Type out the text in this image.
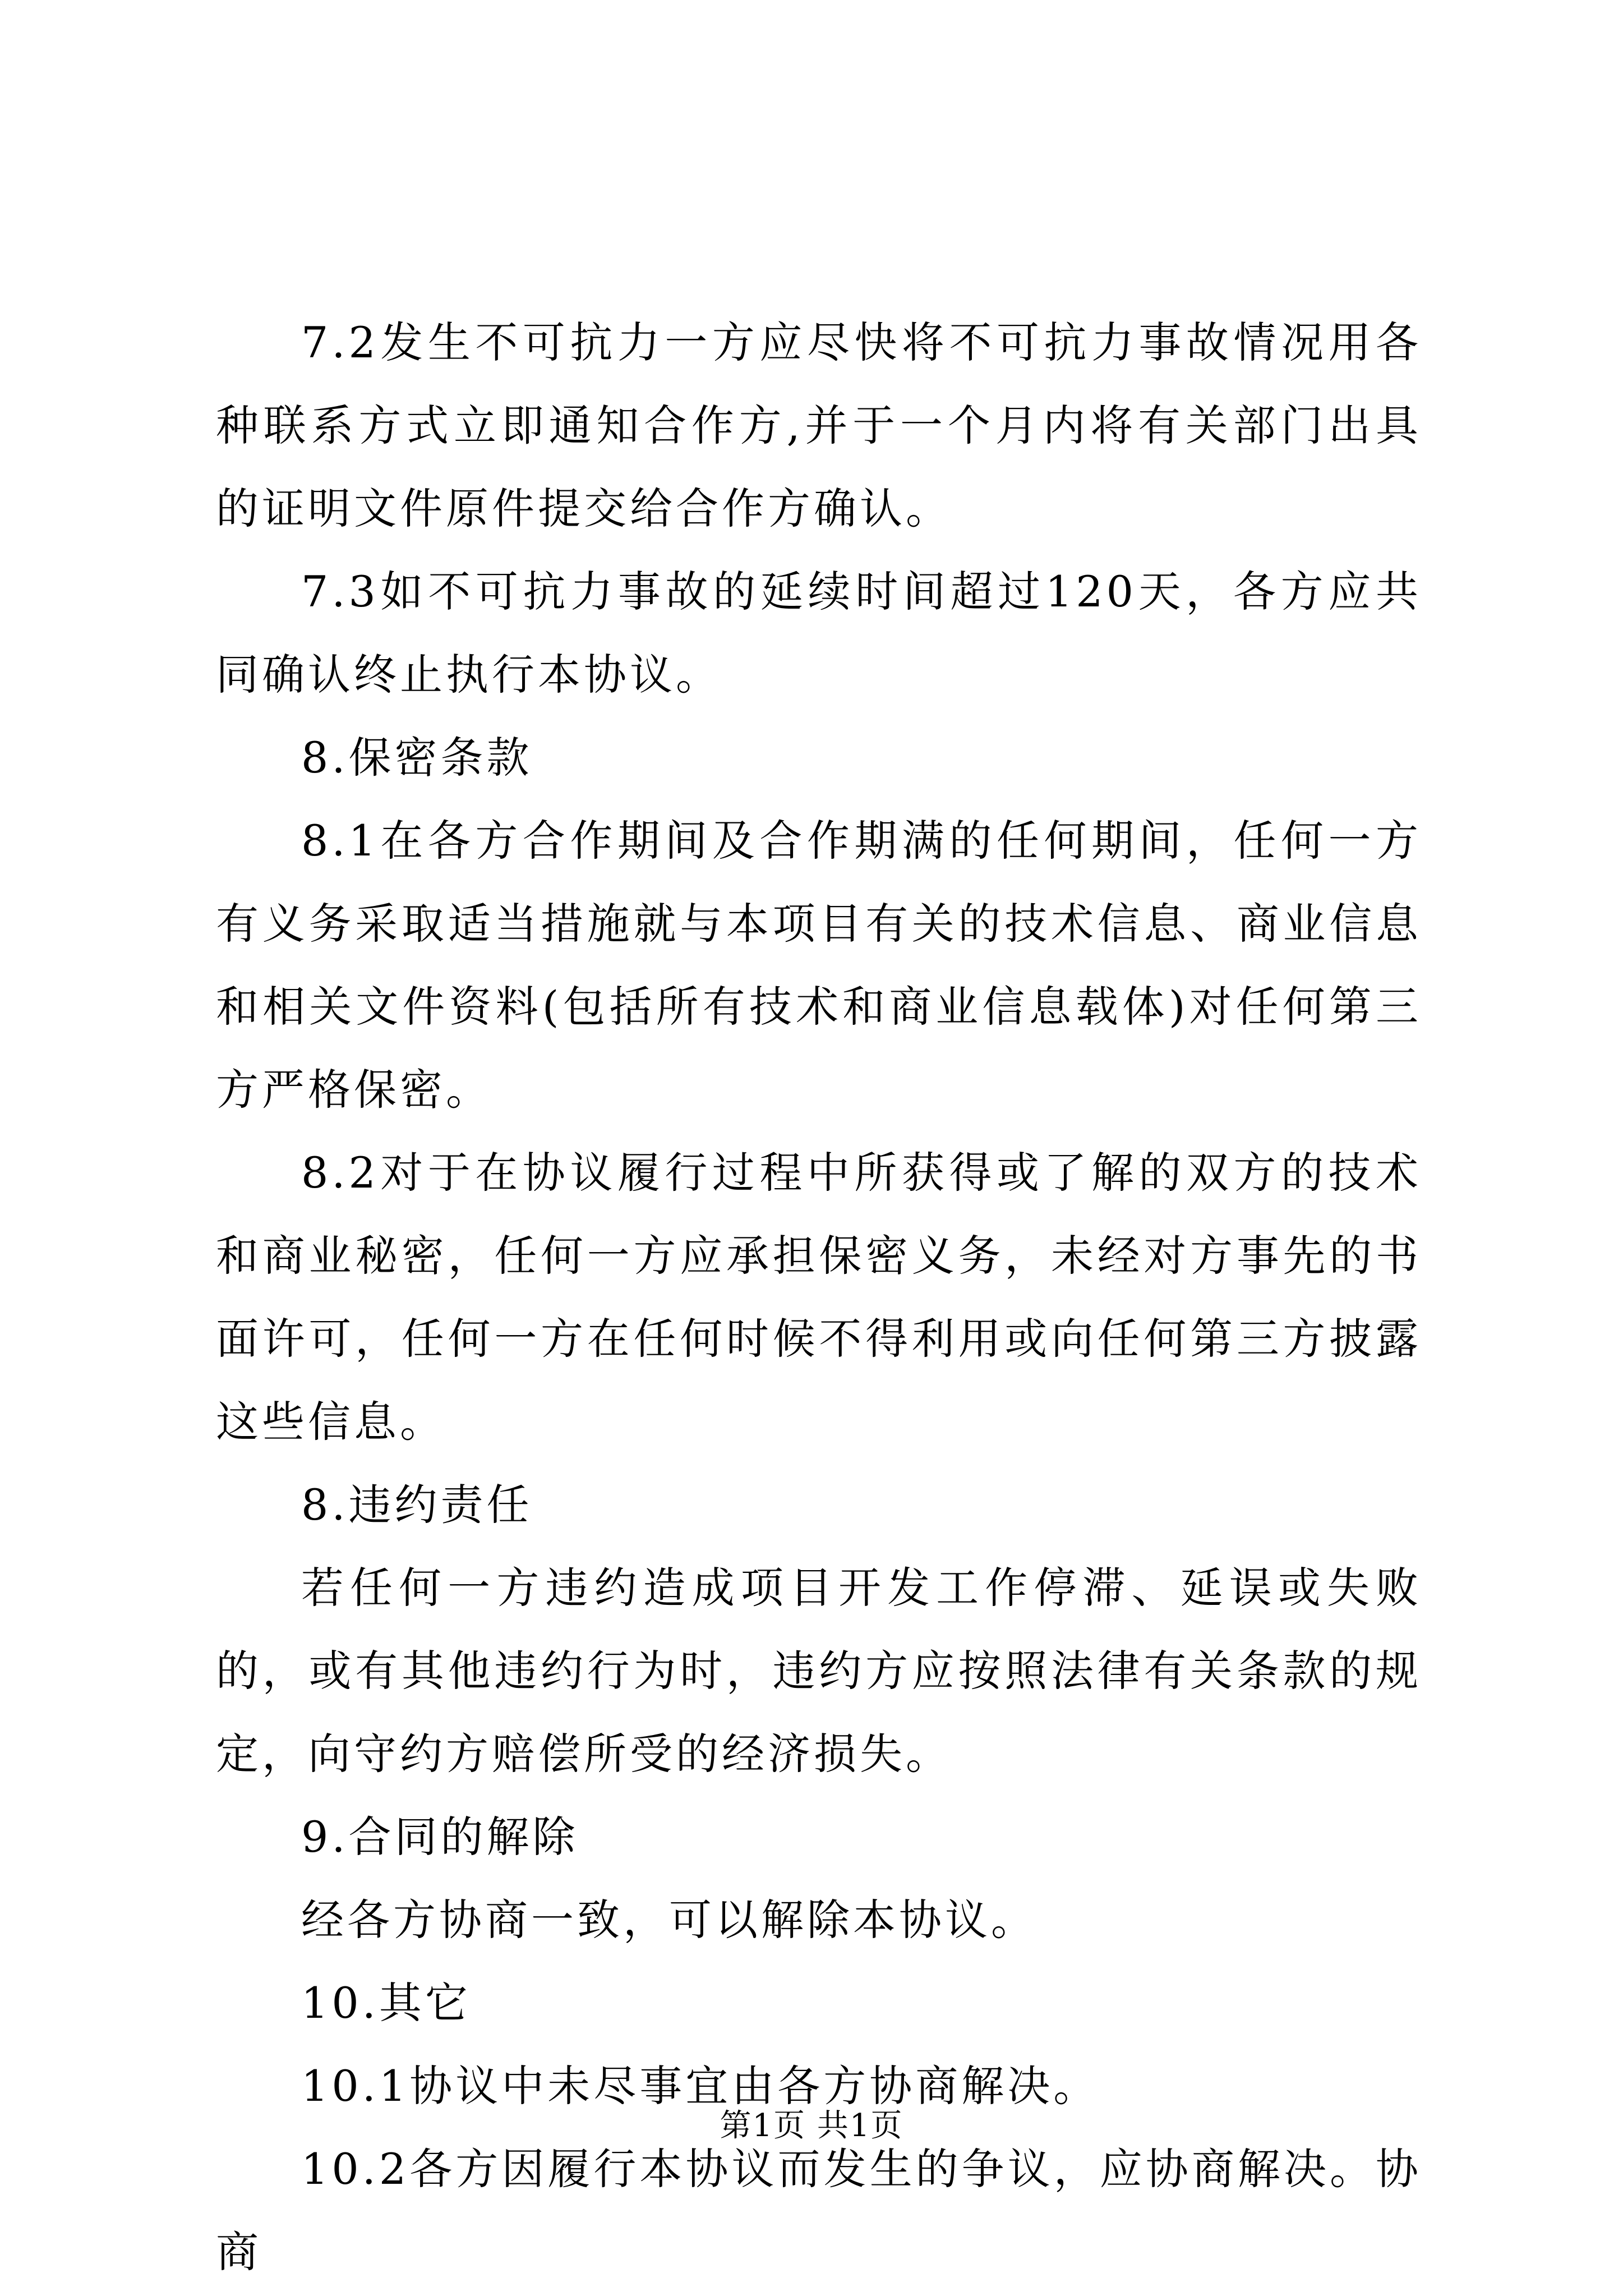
7.2发生不可抗力一方应尽快将不可抗力事故情况用各种联系方式立即通知合作方,并于一个月内将有关部门出具的证明文件原件提交给合作方确认。

7.3如不可抗力事故的延续时间超过120天，各方应共同确认终止执行本协议。

8.保密条款

8.1在各方合作期间及合作期满的任何期间，任何一方有义务采取适当措施就与本项目有关的技术信息、商业信息和相关文件资料(包括所有技术和商业信息载体)对任何第三方严格保密。

8.2对于在协议履行过程中所获得或了解的双方的技术和商业秘密，任何一方应承担保密义务，未经对方事先的书面许可，任何一方在任何时候不得利用或向任何第三方披露这些信息。

8.违约责任

若任何一方违约造成项目开发工作停滞、延误或失败的，或有其他违约行为时，违约方应按照法律有关条款的规定，向守约方赔偿所受的经济损失。

9.合同的解除

经各方协商一致，可以解除本协议。

10.其它

10.1协议中未尽事宜由各方协商解决。

10.2各方因履行本协议而发生的争议，应协商解决。协商

第1页 共1页
